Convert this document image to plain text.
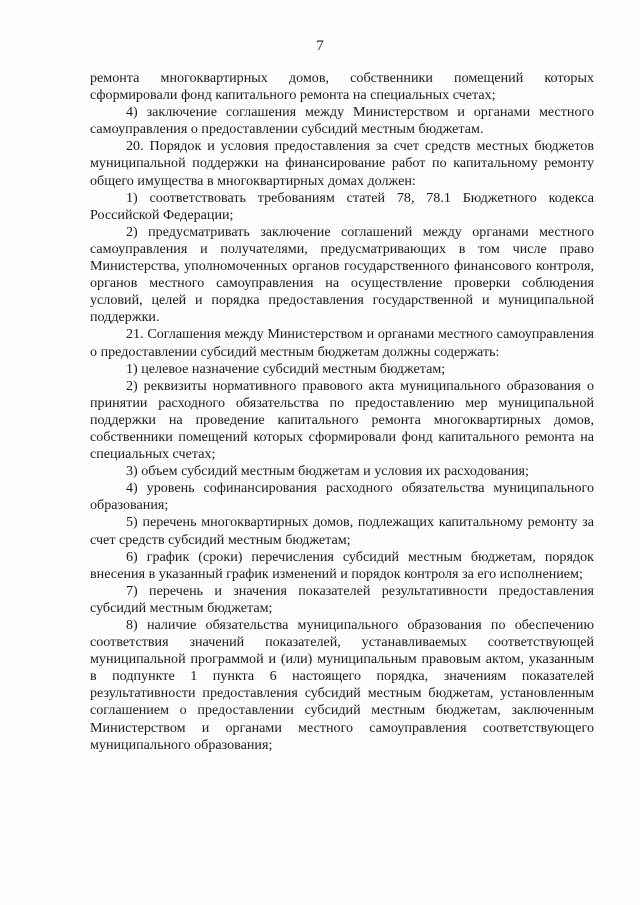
7

ремонта многоквартирных домов, собственники помещений которых сформировали фонд капитального ремонта на специальных счетах;

4) заключение соглашения между Министерством и органами местного самоуправления о предоставлении субсидий местным бюджетам.

20. Порядок и условия предоставления за счет средств местных бюджетов муниципальной поддержки на финансирование работ по капитальному ремонту общего имущества в многоквартирных домах должен:

1) соответствовать требованиям статей 78, 78.1 Бюджетного кодекса Российской Федерации;

2) предусматривать заключение соглашений между органами местного самоуправления и получателями, предусматривающих в том числе право Министерства, уполномоченных органов государственного финансового контроля, органов местного самоуправления на осуществление проверки соблюдения условий, целей и порядка предоставления государственной и муниципальной поддержки.

21. Соглашения между Министерством и органами местного самоуправления о предоставлении субсидий местным бюджетам должны содержать:

1) целевое назначение субсидий местным бюджетам;

2) реквизиты нормативного правового акта муниципального образования о принятии расходного обязательства по предоставлению мер муниципальной поддержки на проведение капитального ремонта многоквартирных домов, собственники помещений которых сформировали фонд капитального ремонта на специальных счетах;

3) объем субсидий местным бюджетам и условия их расходования;

4) уровень софинансирования расходного обязательства муниципального образования;

5) перечень многоквартирных домов, подлежащих капитальному ремонту за счет средств субсидий местным бюджетам;

6) график (сроки) перечисления субсидий местным бюджетам, порядок внесения в указанный график изменений и порядок контроля за его исполнением;

7) перечень и значения показателей результативности предоставления субсидий местным бюджетам;

8) наличие обязательства муниципального образования по обеспечению соответствия значений показателей, устанавливаемых соответствующей муниципальной программой и (или) муниципальным правовым актом, указанным в подпункте 1 пункта 6 настоящего порядка, значениям показателей результативности предоставления субсидий местным бюджетам, установленным соглашением о предоставлении субсидий местным бюджетам, заключенным Министерством и органами местного самоуправления соответствующего муниципального образования;
